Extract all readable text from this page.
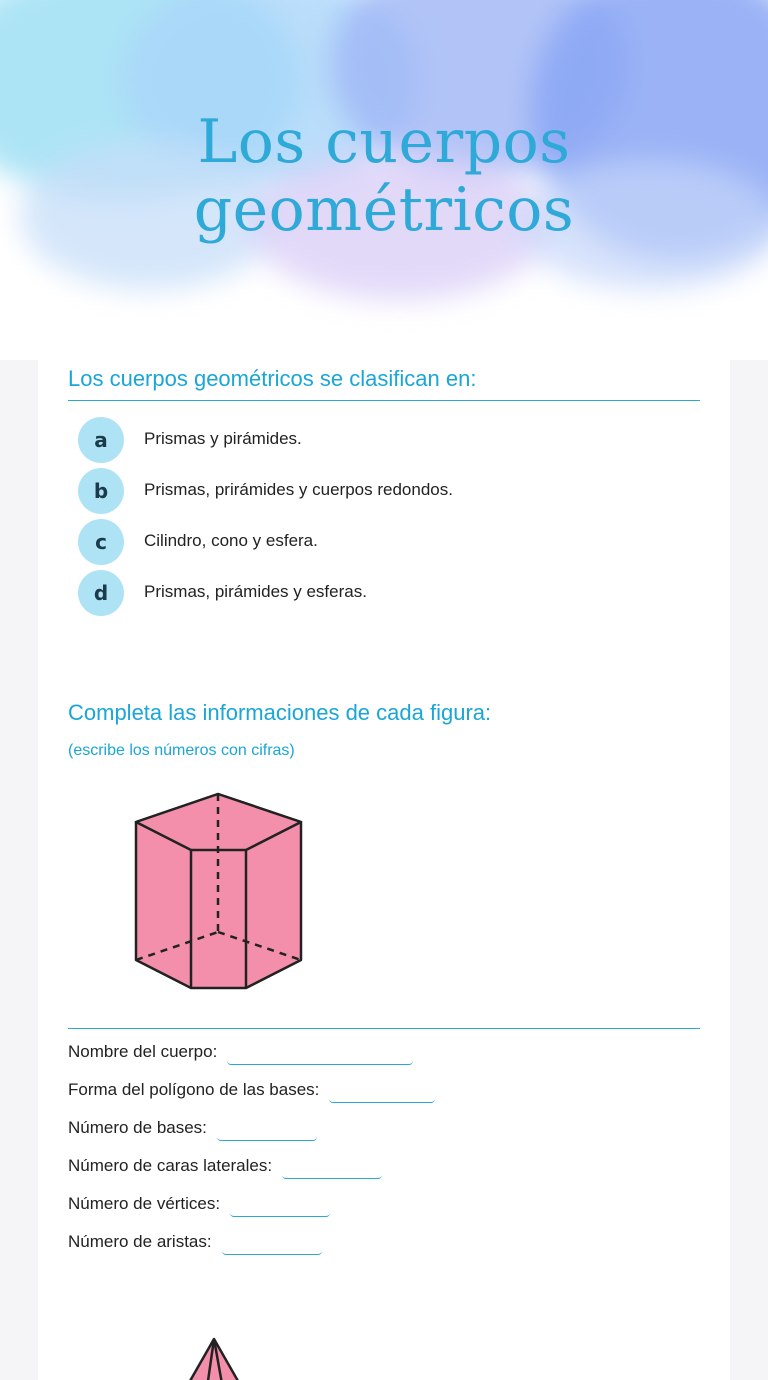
Los cuerpos
geométricos
Los cuerpos geométricos se clasifican en:
a	Prismas y pirámides.
b	Prismas, prirámides y cuerpos redondos.
c	Cilindro, cono y esfera.
d	Prismas, pirámides y esferas.
Completa las informaciones de cada figura:
(escribe los números con cifras)
Nombre del cuerpo:
Forma del polígono de las bases:
Número de bases:
Número de caras laterales:
Número de vértices:
Número de aristas:
